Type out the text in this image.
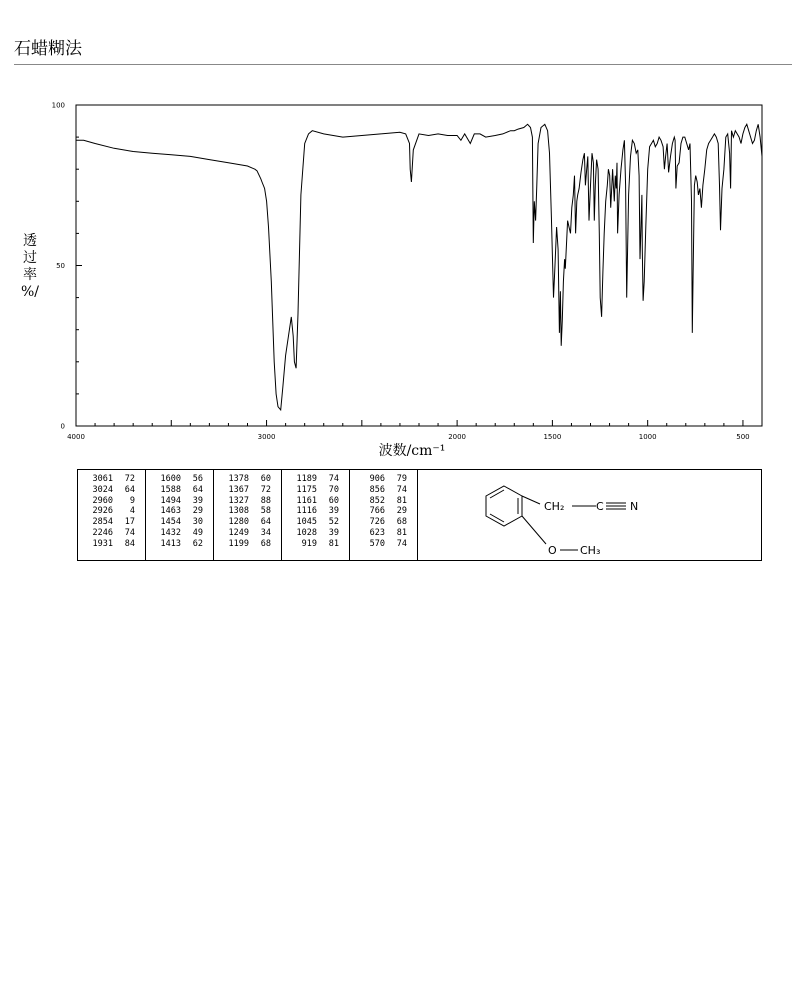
石蜡糊法
4000	3000	2000	1500	1000	500
0
50
100
波数/cm⁻¹
透
过
率
%/
3061	72
3024	64
2960	9
2926	4
2854	17
2246	74
1931	84
1600	56
1588	64
1494	39
1463	29
1454	30
1432	49
1413	62
1378	60
1367	72
1327	88
1308	58
1280	64
1249	34
1199	68
1189	74
1175	70
1161	60
1116	39
1045	52
1028	39
919	81
906	79
856	74
852	81
766	29
726	68
623	81
570	74
CH₂	C N
O CH₃
